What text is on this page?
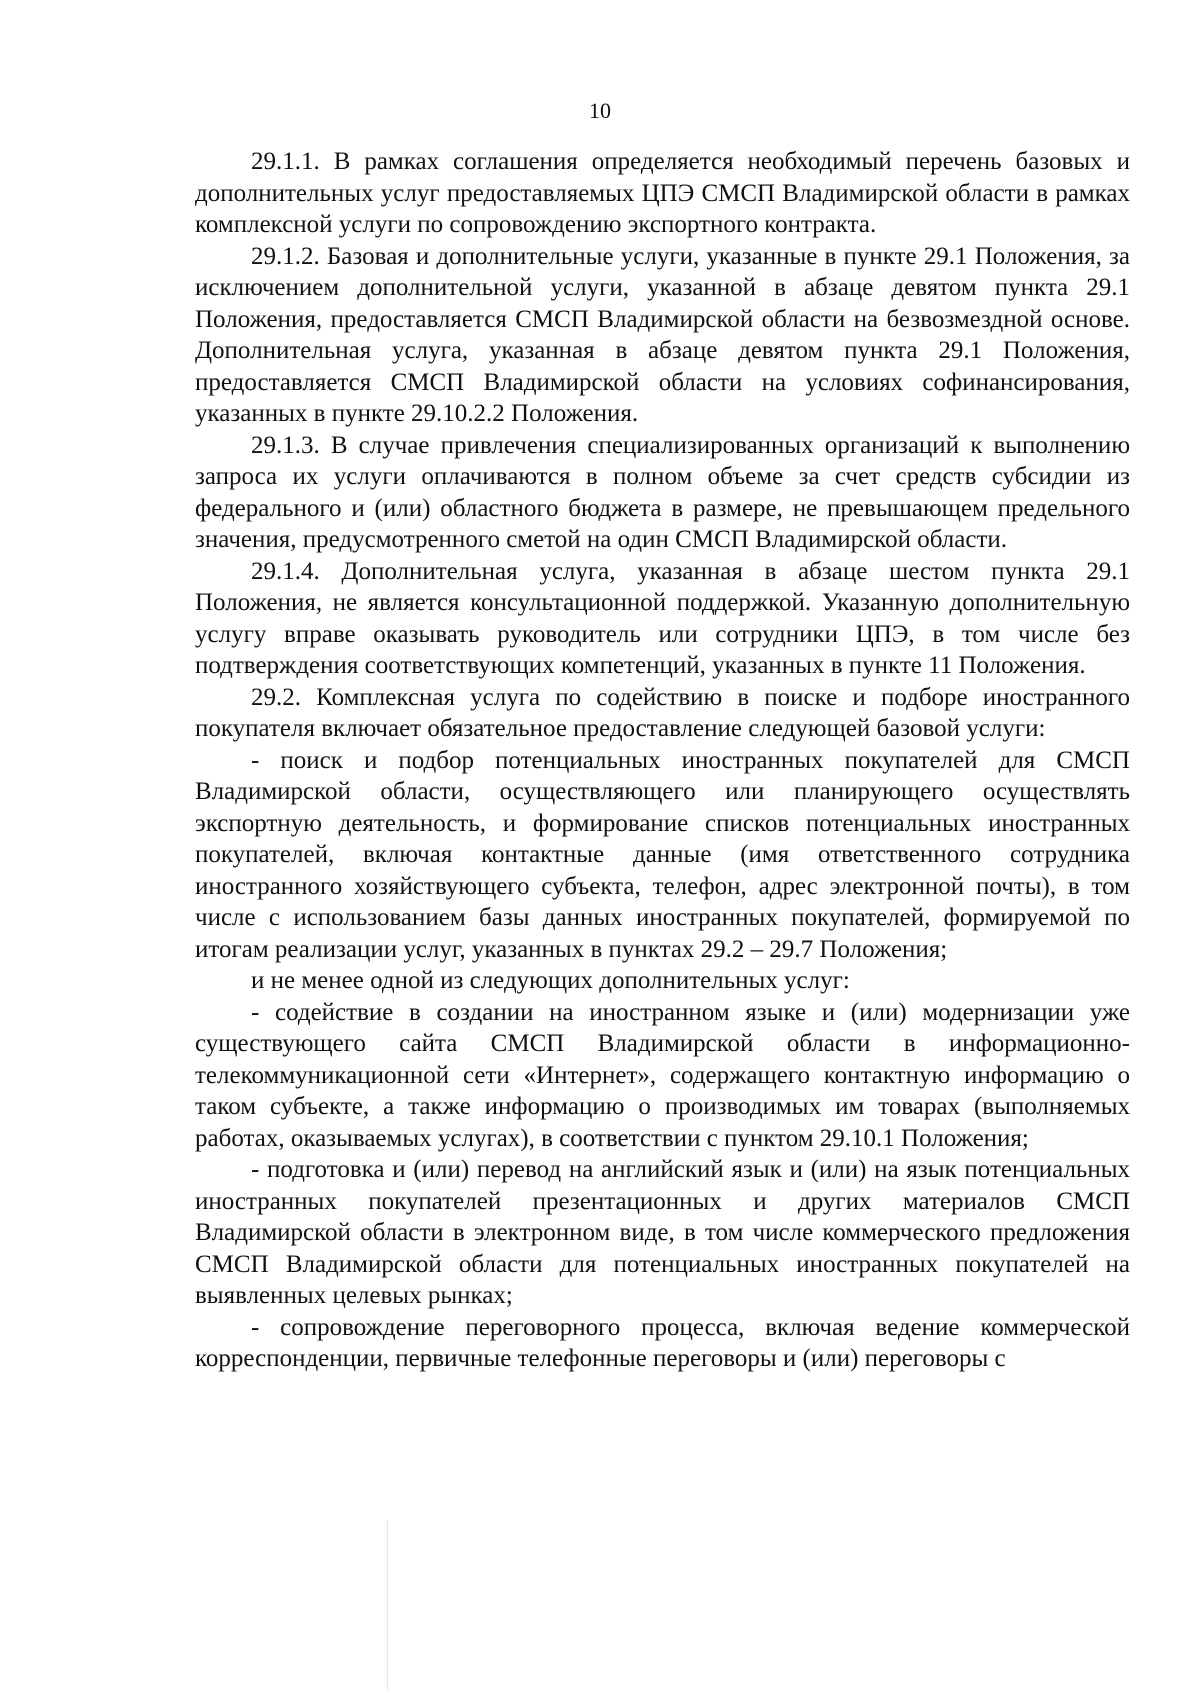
10

29.1.1. В рамках соглашения определяется необходимый перечень базовых и дополнительных услуг предоставляемых ЦПЭ СМСП Владимирской области в рамках комплексной услуги по сопровождению экспортного контракта.

29.1.2. Базовая и дополнительные услуги, указанные в пункте 29.1 Положения, за исключением дополнительной услуги, указанной в абзаце девятом пункта 29.1 Положения, предоставляется СМСП Владимирской области на безвозмездной основе. Дополнительная услуга, указанная в абзаце девятом пункта 29.1 Положения, предоставляется СМСП Владимирской области на условиях софинансирования, указанных в пункте 29.10.2.2 Положения.

29.1.3. В случае привлечения специализированных организаций к выполнению запроса их услуги оплачиваются в полном объеме за счет средств субсидии из федерального и (или) областного бюджета в размере, не превышающем предельного значения, предусмотренного сметой на один СМСП Владимирской области.

29.1.4. Дополнительная услуга, указанная в абзаце шестом пункта 29.1 Положения, не является консультационной поддержкой. Указанную дополнительную услугу вправе оказывать руководитель или сотрудники ЦПЭ, в том числе без подтверждения соответствующих компетенций, указанных в пункте 11 Положения.

29.2. Комплексная услуга по содействию в поиске и подборе иностранного покупателя включает обязательное предоставление следующей базовой услуги:

- поиск и подбор потенциальных иностранных покупателей для СМСП Владимирской области, осуществляющего или планирующего осуществлять экспортную деятельность, и формирование списков потенциальных иностранных покупателей, включая контактные данные (имя ответственного сотрудника иностранного хозяйствующего субъекта, телефон, адрес электронной почты), в том числе с использованием базы данных иностранных покупателей, формируемой по итогам реализации услуг, указанных в пунктах 29.2 – 29.7 Положения;

и не менее одной из следующих дополнительных услуг:

- содействие в создании на иностранном языке и (или) модернизации уже существующего сайта СМСП Владимирской области в информационно-телекоммуникационной сети «Интернет», содержащего контактную информацию о таком субъекте, а также информацию о производимых им товарах (выполняемых работах, оказываемых услугах), в соответствии с пунктом 29.10.1 Положения;

- подготовка и (или) перевод на английский язык и (или) на язык потенциальных иностранных покупателей презентационных и других материалов СМСП Владимирской области в электронном виде, в том числе коммерческого предложения СМСП Владимирской области для потенциальных иностранных покупателей на выявленных целевых рынках;

- сопровождение переговорного процесса, включая ведение коммерческой корреспонденции, первичные телефонные переговоры и (или) переговоры с
